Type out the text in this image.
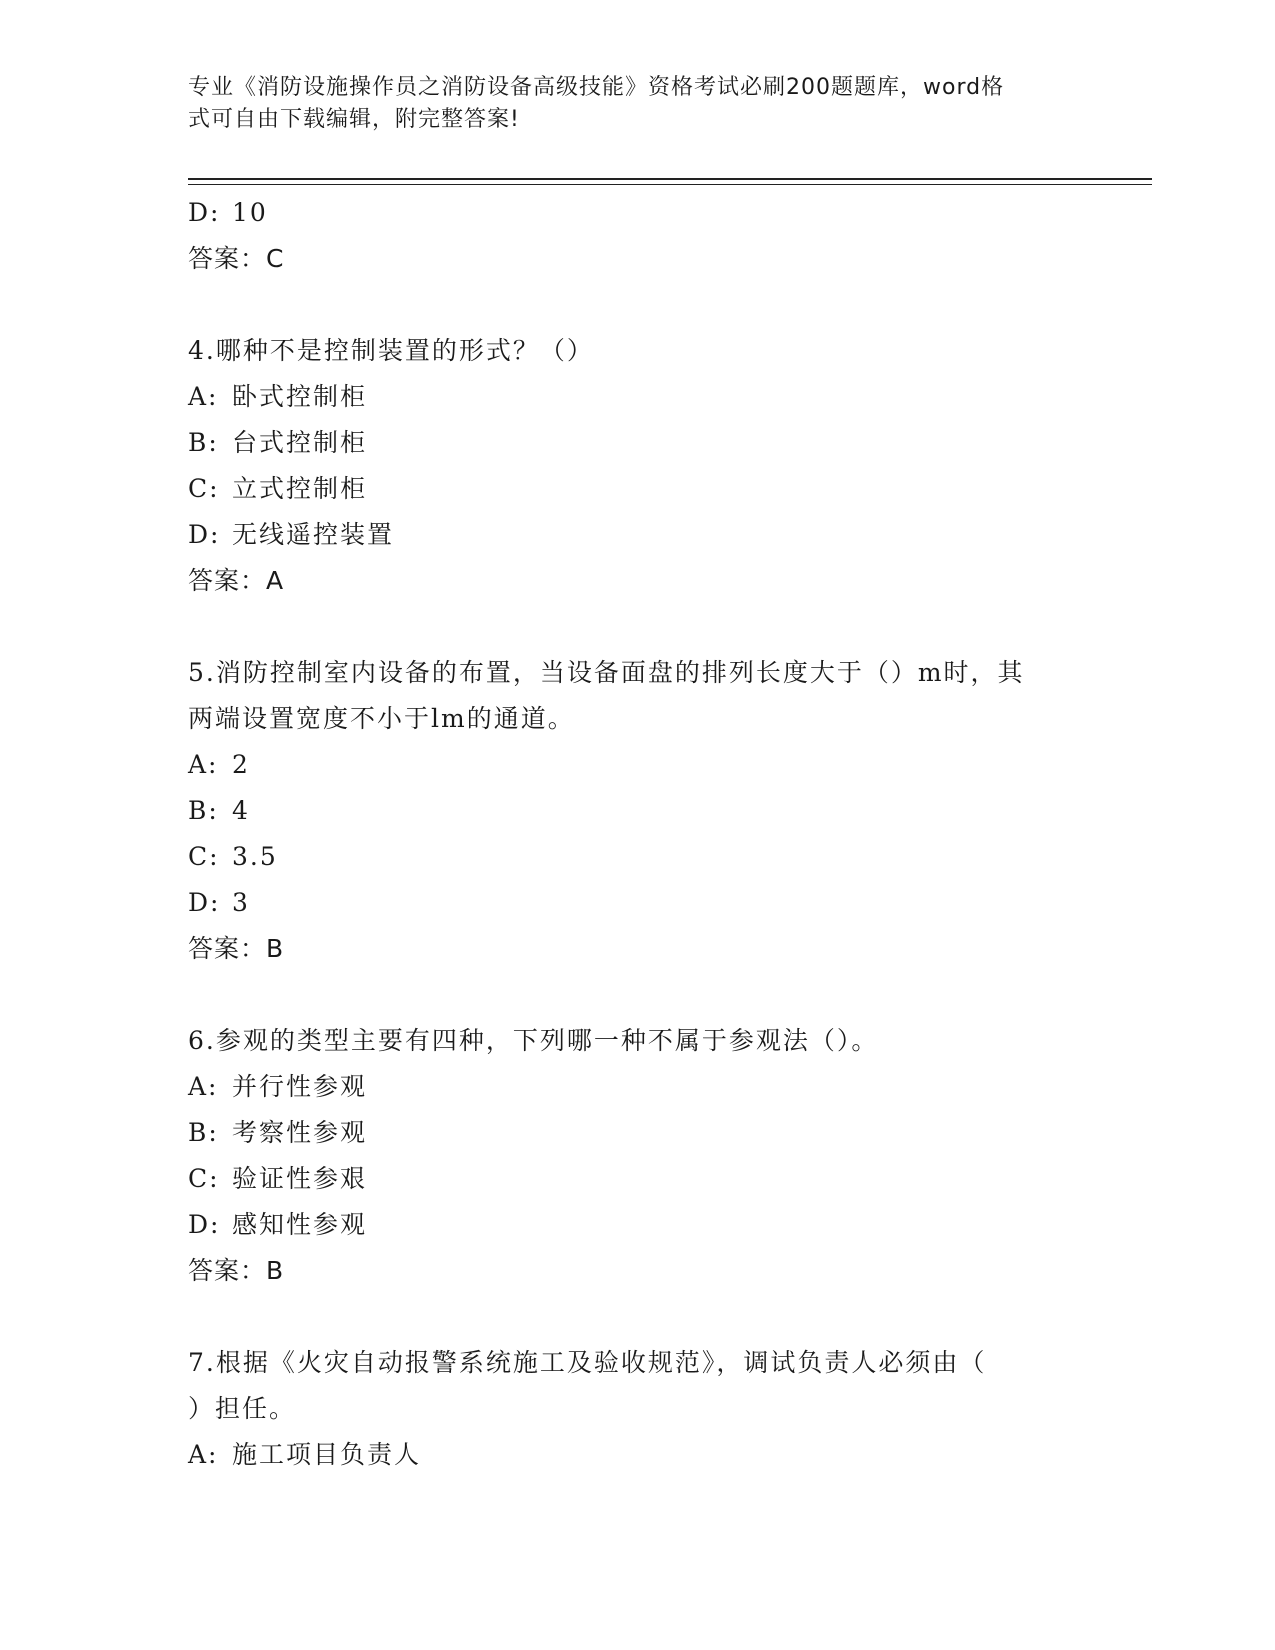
专业《消防设施操作员之消防设备高级技能》资格考试必刷200题题库，word格
式可自由下载编辑，附完整答案!
D: 10
答案：C
4.哪种不是控制装置的形式？（）
A: 卧式控制柜
B: 台式控制柜
C: 立式控制柜
D: 无线遥控装置
答案：A
5.消防控制室内设备的布置，当设备面盘的排列长度大于（）m时，其
两端设置宽度不小于lm的通道。
A: 2
B: 4
C: 3.5
D: 3
答案：B
6.参观的类型主要有四种，下列哪一种不属于参观法（）。
A: 并行性参观
B: 考察性参观
C: 验证性参艰
D: 感知性参观
答案：B
7.根据《火灾自动报警系统施工及验收规范》，调试负责人必须由（
）担任。
A: 施工项目负责人
